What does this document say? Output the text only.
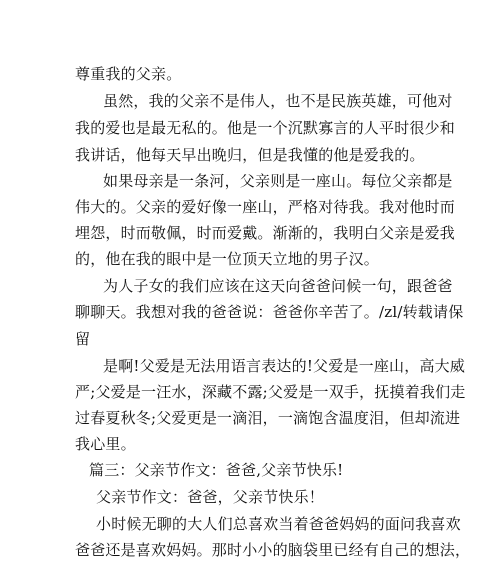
尊重我的父亲。
虽然，我的父亲不是伟人，也不是民族英雄，可他对
我的爱也是最无私的。他是一个沉默寡言的人平时很少和
我讲话，他每天早出晚归，但是我懂的他是爱我的。
如果母亲是一条河，父亲则是一座山。每位父亲都是
伟大的。父亲的爱好像一座山，严格对待我。我对他时而
埋怨，时而敬佩，时而爱戴。渐渐的，我明白父亲是爱我
的，他在我的眼中是一位顶天立地的男子汉。
为人子女的我们应该在这天向爸爸问候一句，跟爸爸
聊聊天。我想对我的爸爸说：爸爸你辛苦了。/zl/转载请保
留
是啊!父爱是无法用语言表达的!父爱是一座山，高大威
严;父爱是一汪水，深藏不露;父爱是一双手，抚摸着我们走
过春夏秋冬;父爱更是一滴泪，一滴饱含温度泪，但却流进
我心里。
篇三：父亲节作文：爸爸,父亲节快乐!
父亲节作文：爸爸，父亲节快乐！
小时候无聊的大人们总喜欢当着爸爸妈妈的面问我喜欢
爸爸还是喜欢妈妈。那时小小的脑袋里已经有自己的想法，
